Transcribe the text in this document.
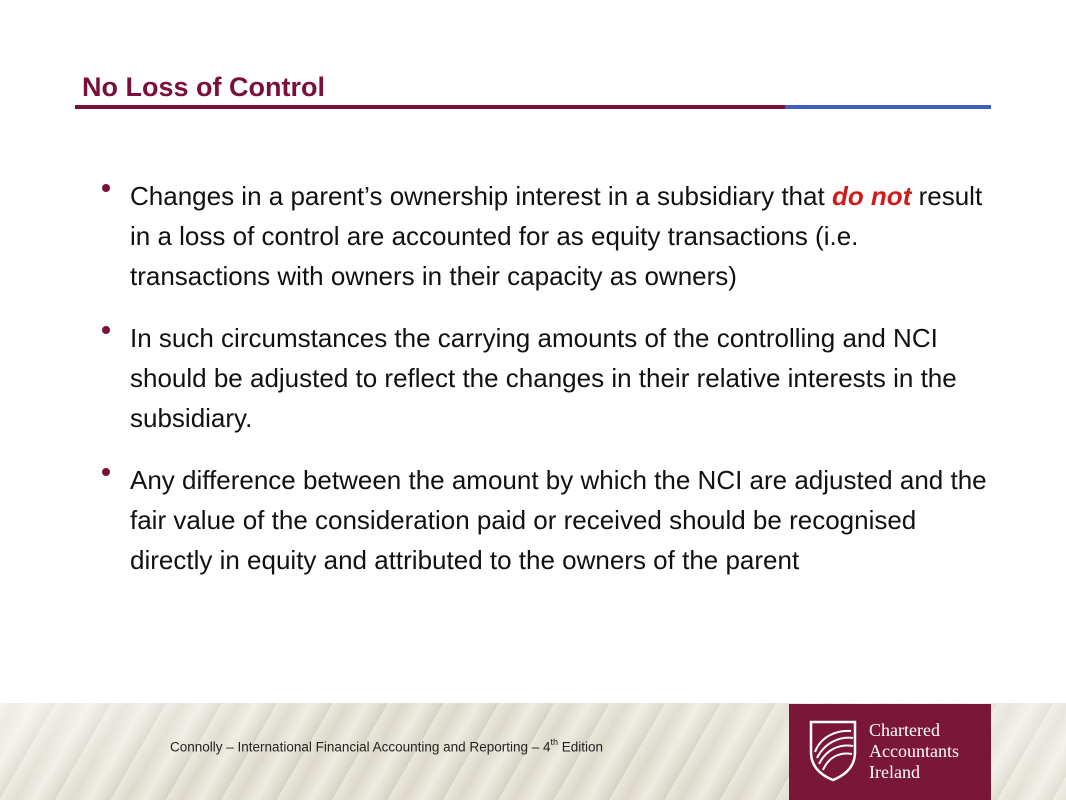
No Loss of Control
Changes in a parent’s ownership interest in a subsidiary that do not result in a loss of control are accounted for as equity transactions (i.e. transactions with owners in their capacity as owners)
In such circumstances the carrying amounts of the controlling and NCI should be adjusted to reflect the changes in their relative interests in the subsidiary.
Any difference between the amount by which the NCI are adjusted and the fair value of the consideration paid or received should be recognised directly in equity and attributed to the owners of the parent
Connolly – International Financial Accounting and Reporting – 4th Edition
Chartered
Accountants
Ireland
